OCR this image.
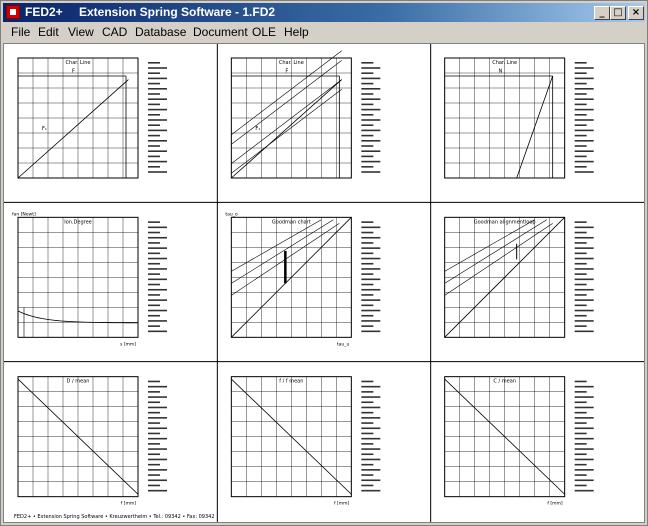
FED2+ Extension Spring Software - 1.FD2	_ □ ×
File Edit View CAD Database Document OLE Help
Char. Line
F
F₁
Char. Line
F
F₁
Char. Line
N
Ion.Degree
s [mm]
fan [Newt]
Goodman chart
tau_u
tau_o
Goodman alignmentloop
D / mean
f [mm]
f / f mean
f [mm]
C / mean
f [mm]
FED2+ • Extension Spring Software • Kreuzwertheim • Tel.: 09342 • Fax: 09342
